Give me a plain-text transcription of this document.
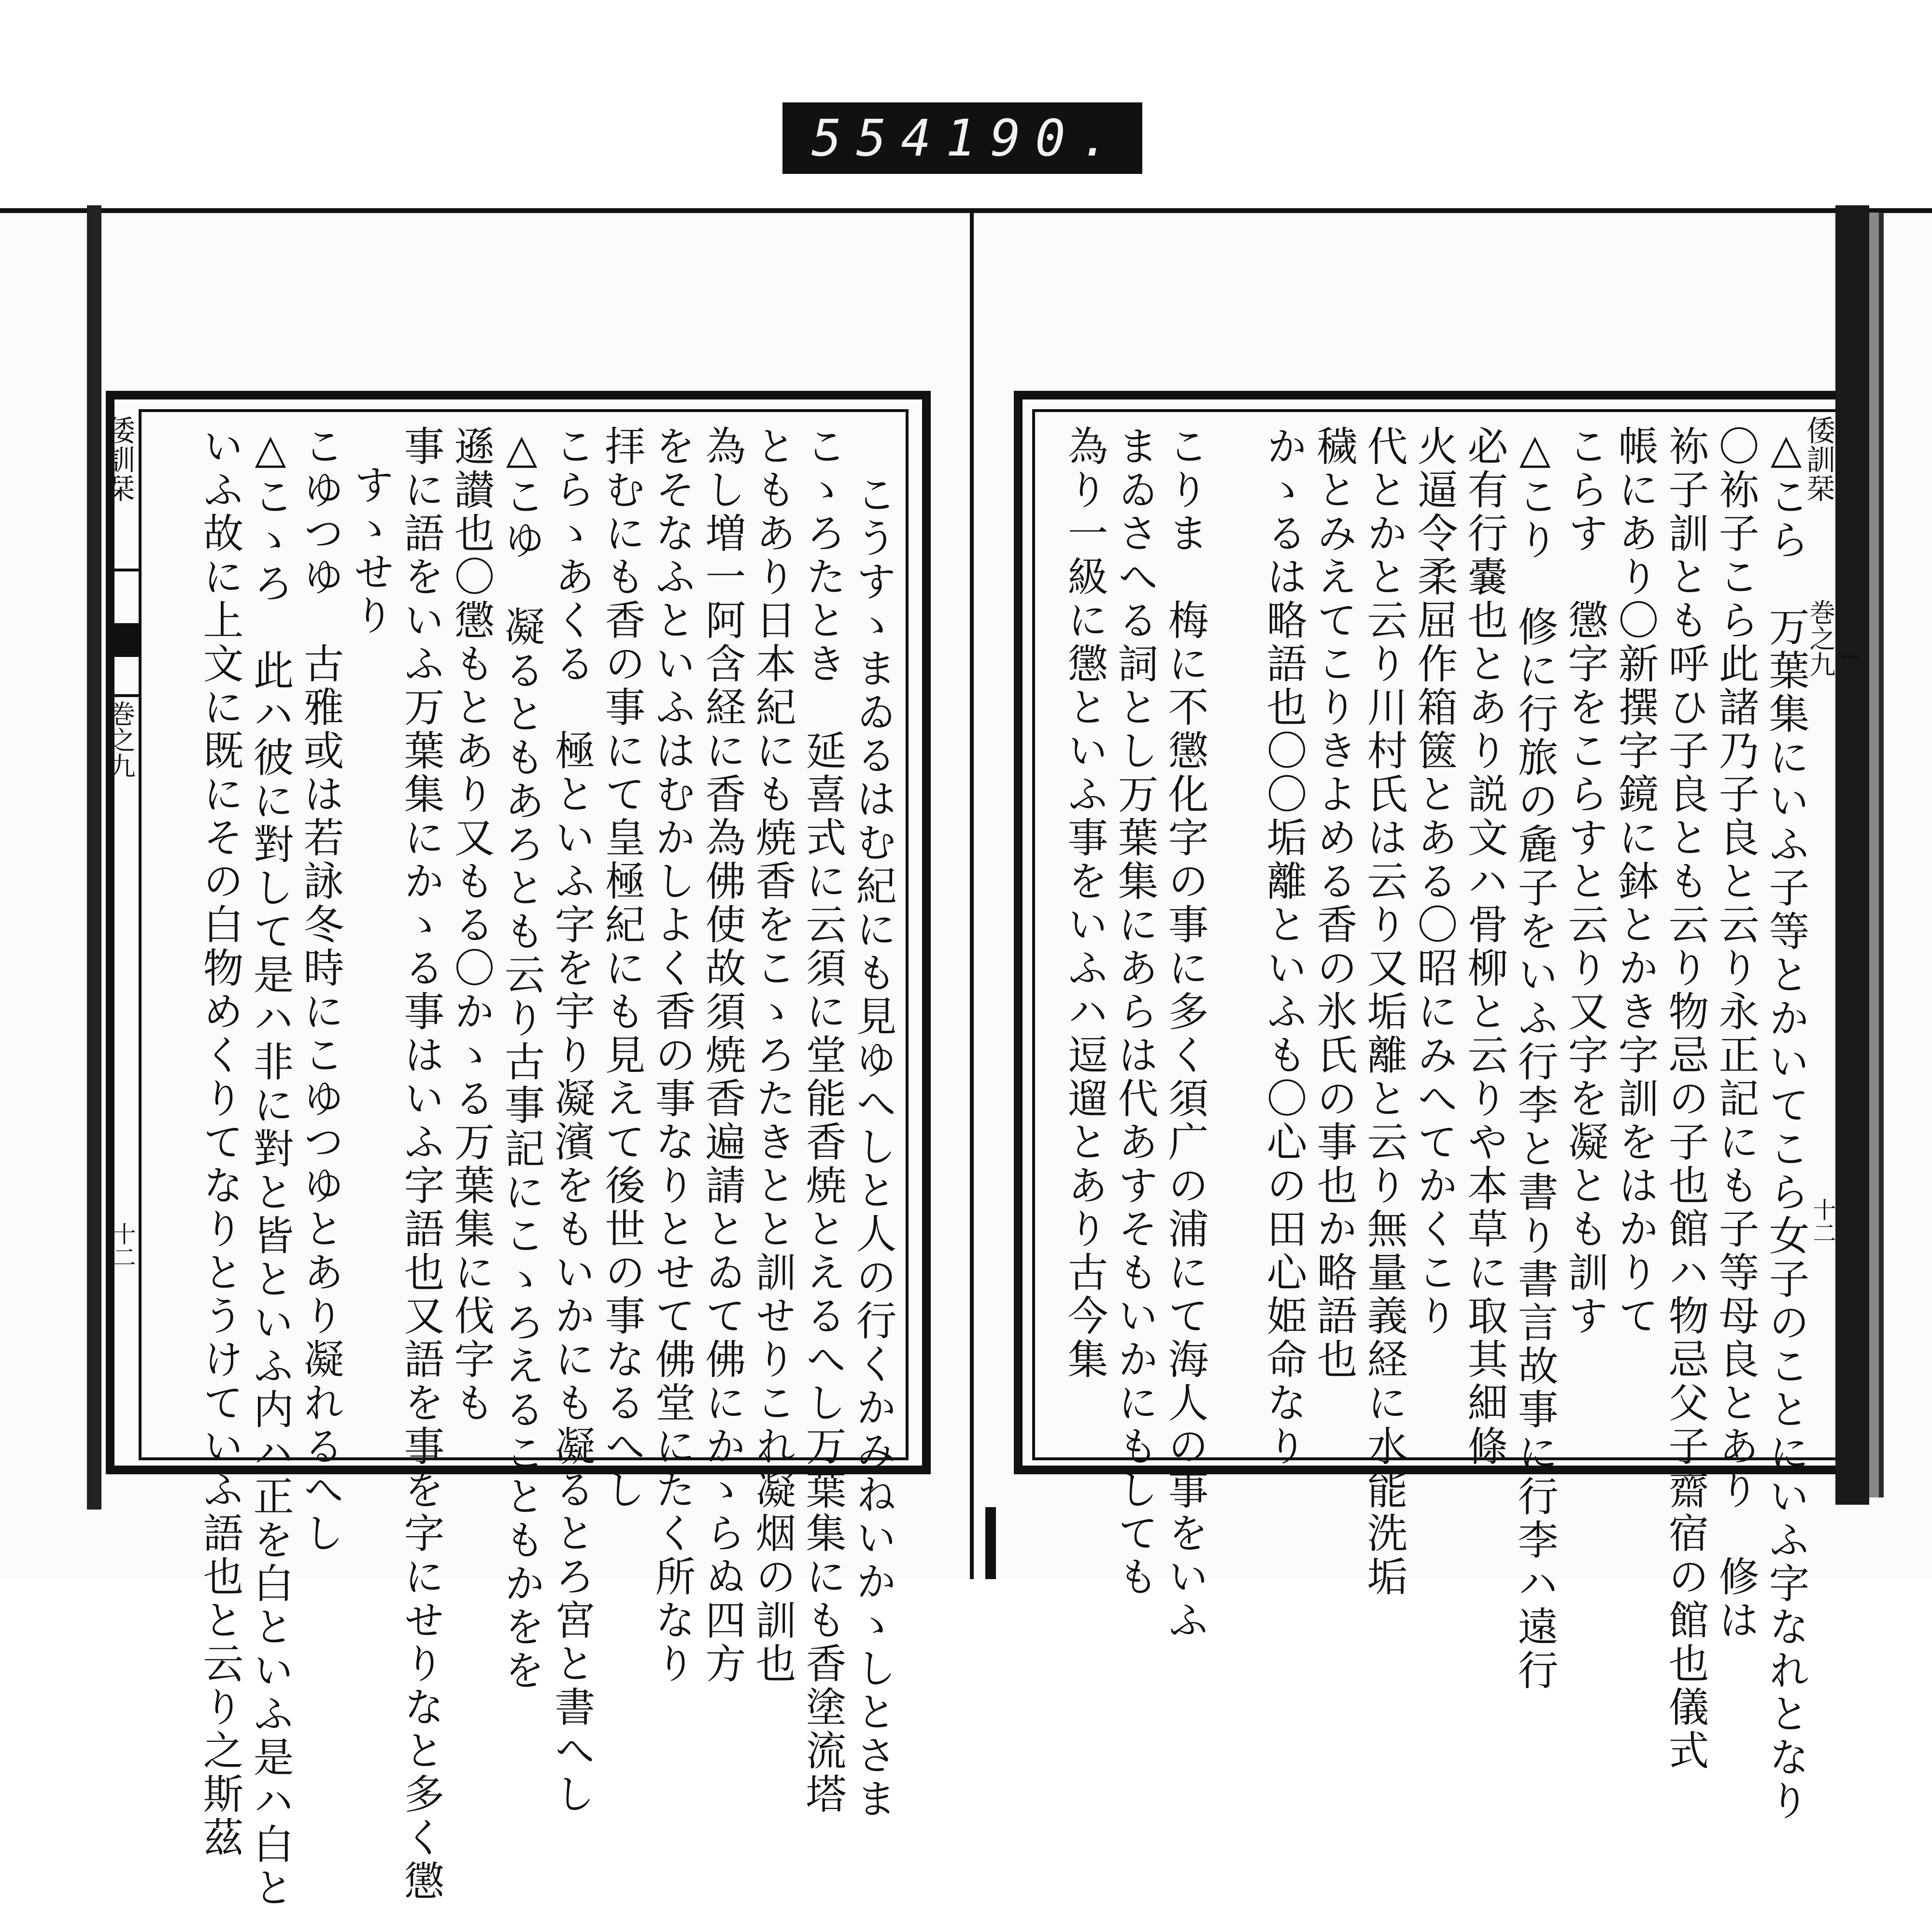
554 190.
倭訓栞
巻之九
十二
倭訓栞
巻之九
十二
こうすゝまゐるはむ紀にも見ゆへしと人の行くかみねいかゝしとさま
こゝろたとき　延喜式に云須に堂能香焼とえるへし万葉集にも香塗流塔
ともあり日本紀にも焼香をこゝろたきとと訓せりこれ凝烟の訓也
為し増一阿含経に香為佛使故須焼香遍請とゐて佛にかゝらぬ四方
をそなふといふはむかしよく香の事なりとせて佛堂にたく所なり
拝むにも香の事にて皇極紀にも見えて後世の事なるへし
こらゝあくる　極といふ字を宇り凝濱をもいかにも凝るとろ宮と書へし
△こゆ　凝るともあろとも云り古事記にこゝろえることもかをを
遜讃也〇懲もとあり又もる〇かゝる万葉集に伐字も
事に語をいふ万葉集にかゝる事はいふ字語也又語を事を字にせりなと多く懲
すゝせり
こゆつゆ　古雅或は若詠冬時にこゆつゆとあり凝れるへし
△こゝろ　此ハ彼に對して是ハ非に對と皆といふ内ハ正を白といふ是ハ白と
いふ故に上文に既にその白物めくりてなりとうけていふ語也と云り之斯茲	△こら　万葉集にいふ子等とかいてこら女子のことにいふ字なれとなり
〇袮子こら此諸乃子良と云り永正記にも子等母良とあり　修は
袮子訓とも呼ひ子良とも云り物忌の子也館ハ物忌父子齋宿の館也儀式
帳にあり〇新撰字鏡に鉢とかき字訓をはかりて
こらす　懲字をこらすと云り又字を凝とも訓す
△こり　修に行旅の麁子をいふ行李と書り書言故事に行李ハ遠行
必有行嚢也とあり説文ハ骨柳と云りや本草に取其細條
火逼令柔屈作箱篋とある〇昭にみへてかくこり
代とかと云り川村氏は云り又垢離と云り無量義経に水能洗垢
穢とみえてこりきよめる香の氷氏の事也か略語也
かゝるは略語也〇〇垢離といふも〇心の田心姫命なり
こりま　梅に不懲化字の事に多く須广の浦にて海人の事をいふ
まゐさへる詞とし万葉集にあらは代あすそもいかにもしても
為り一級に懲といふ事をいふハ逗遛とあり古今集
